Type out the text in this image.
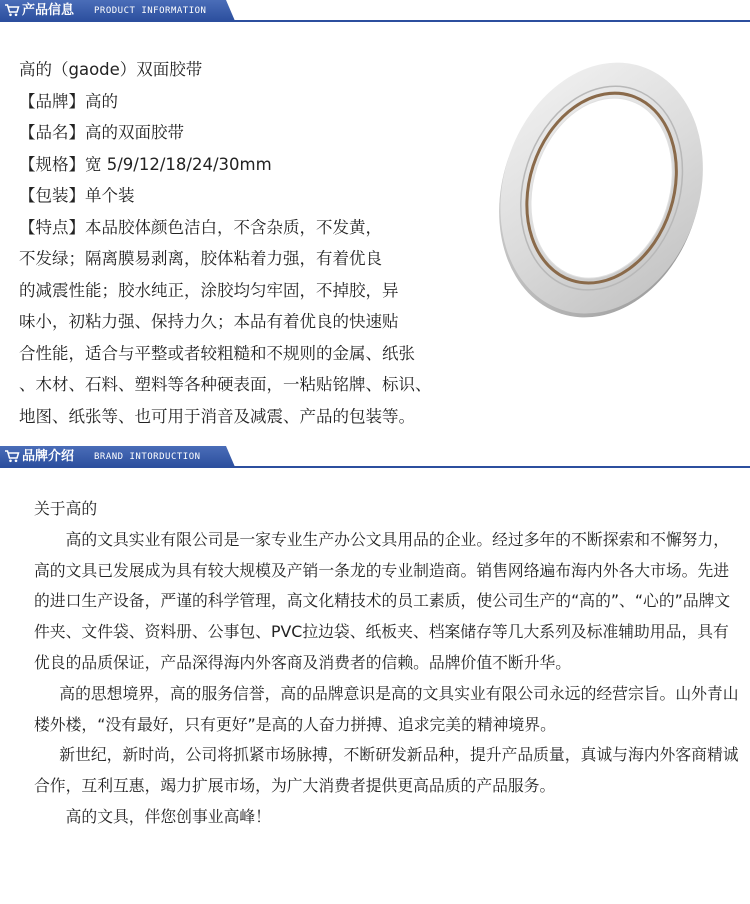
产品信息 PRODUCT INFORMATION
高的（gaode）双面胶带
【品牌】高的
【品名】高的双面胶带
【规格】宽 5/9/12/18/24/30mm
【包装】单个装
【特点】本品胶体颜色洁白，不含杂质，不发黄，
不发绿；隔离膜易剥离，胶体粘着力强，有着优良
的减震性能；胶水纯正，涂胶均匀牢固，不掉胶，异
味小，初粘力强、保持力久；本品有着优良的快速贴
合性能，适合与平整或者较粗糙和不规则的金属、纸张
、木材、石料、塑料等各种硬表面，一粘贴铭牌、标识、
地图、纸张等、也可用于消音及减震、产品的包装等。
品牌介绍 BRAND INTORDUCTION

关于高的

高的文具实业有限公司是一家专业生产办公文具用品的企业。经过多年的不断探索和不懈努力，高的文具已发展成为具有较大规模及产销一条龙的专业制造商。销售网络遍布海内外各大市场。先进的进口生产设备，严谨的科学管理，高文化精技术的员工素质，使公司生产的“高的”、“心的”品牌文件夹、文件袋、资料册、公事包、PVC拉边袋、纸板夹、档案储存等几大系列及标准辅助用品，具有优良的品质保证，产品深得海内外客商及消费者的信赖。品牌价值不断升华。

高的思想境界，高的服务信誉，高的品牌意识是高的文具实业有限公司永远的经营宗旨。山外青山楼外楼，“没有最好，只有更好”是高的人奋力拼搏、追求完美的精神境界。

新世纪，新时尚，公司将抓紧市场脉搏，不断研发新品种，提升产品质量，真诚与海内外客商精诚合作，互利互惠，竭力扩展市场，为广大消费者提供更高品质的产品服务。

高的文具，伴您创事业高峰！
